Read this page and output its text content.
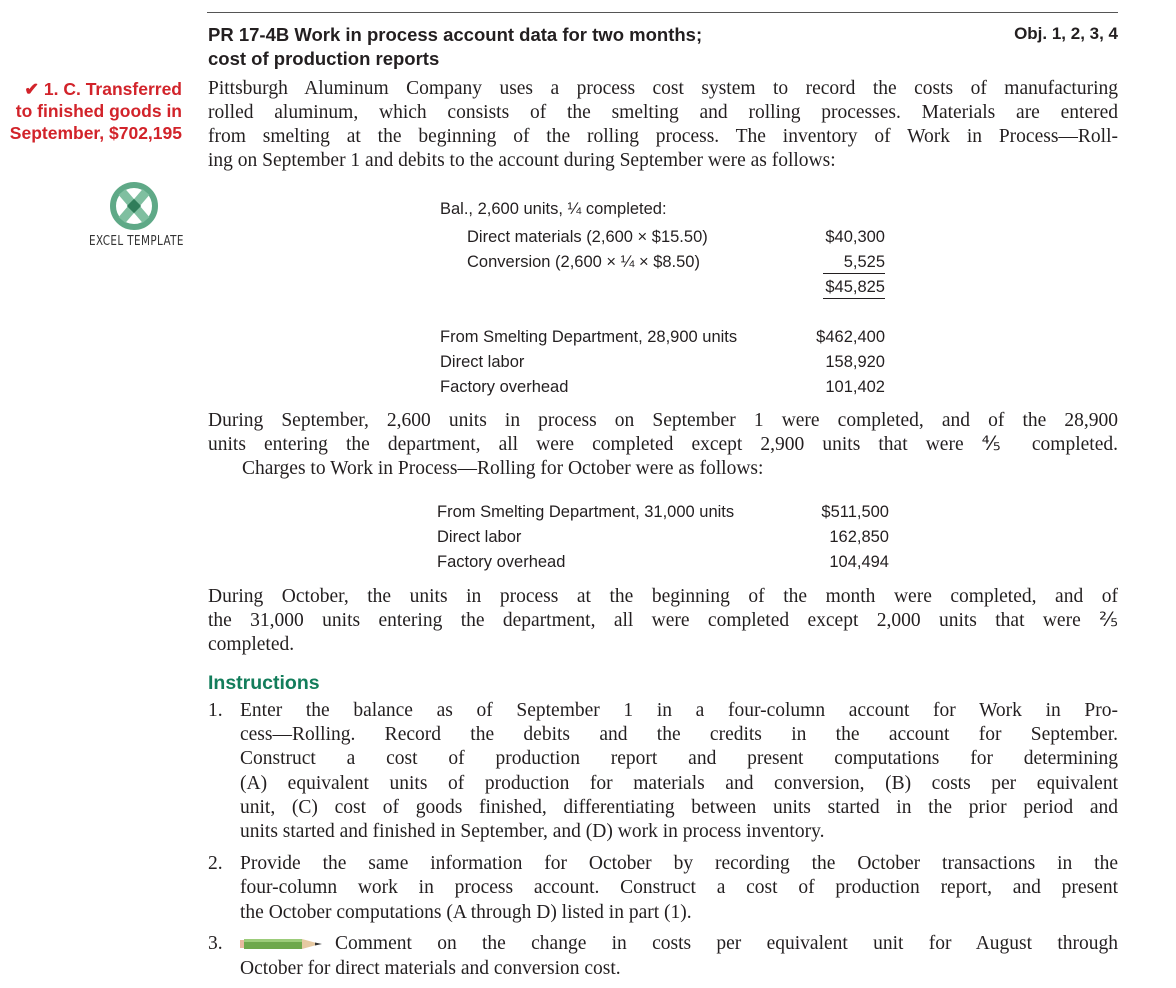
PR 17-4B Work in process account data for two months;
cost of production reports
Obj. 1, 2, 3, 4
✔ 1. C. Transferred
to finished goods in
September, $702,195
EXCEL TEMPLATE
Pittsburgh Aluminum Company uses a process cost system to record the costs of manufacturing
rolled aluminum, which consists of the smelting and rolling processes. Materials are entered
from smelting at the beginning of the rolling process. The inventory of Work in Process—Roll-
ing on September 1 and debits to the account during September were as follows:
Bal., 2,600 units, ¼ completed:
Direct materials (2,600 × $15.50)	$40,300
Conversion (2,600 × ¼ × $8.50)	5,525
$45,825
From Smelting Department, 28,900 units	$462,400
Direct labor	158,920
Factory overhead	101,402
During September, 2,600 units in process on September 1 were completed, and of the 28,900
units entering the department, all were completed except 2,900 units that were ⅘ completed.
Charges to Work in Process—Rolling for October were as follows:
From Smelting Department, 31,000 units	$511,500
Direct labor	162,850
Factory overhead	104,494
During October, the units in process at the beginning of the month were completed, and of
the 31,000 units entering the department, all were completed except 2,000 units that were ⅖
completed.
Instructions
1. Enter the balance as of September 1 in a four-column account for Work in Pro-
cess—Rolling. Record the debits and the credits in the account for September.
Construct a cost of production report and present computations for determining
(A) equivalent units of production for materials and conversion, (B) costs per equivalent
unit, (C) cost of goods finished, differentiating between units started in the prior period and
units started and finished in September, and (D) work in process inventory.
2. Provide the same information for October by recording the October transactions in the
four-column work in process account. Construct a cost of production report, and present
the October computations (A through D) listed in part (1).
3.	Comment on the change in costs per equivalent unit for August through
October for direct materials and conversion cost.
